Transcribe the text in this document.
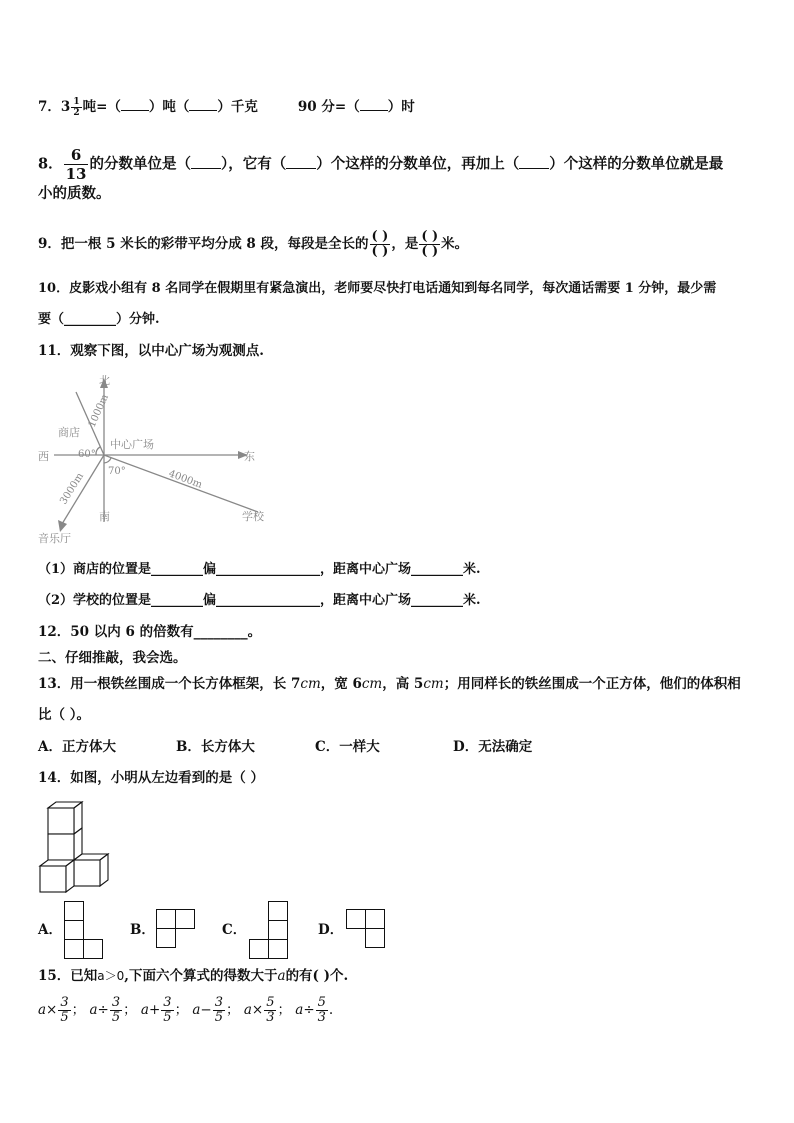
7．$3 \frac{1}{2}$ 吨=（ ）吨（ ）千克	90 分=（ ）时
8． $\frac{6}{13}$ 的分数单位是（ ），它有（ ）个这样的分数单位，再加上（ ）个这样的分数单位就是最
小的质数。
9．把一根 5 米长的彩带平均分成 8 段，每段是全长的 $\frac{( )}{( )}$ ，是 $\frac{( )}{( )}$ 米。
10．皮影戏小组有 8 名同学在假期里有紧急演出，老师要尽快打电话通知到每名同学，每次通话需要 1 分钟，最少需
要（________）分钟.
11．观察下图，以中心广场为观测点.
北
西	东
南
中心广场
商店
学校
音乐厅
60°
70°
1000m
4000m
3000m
（1）商店的位置是________偏________________，距离中心广场________米.
（2）学校的位置是________偏________________，距离中心广场________米.
12．50 以内 6 的倍数有________。
二、仔细推敲，我会选。
13．用一根铁丝围成一个长方体框架，长 7cm，宽 6cm，高 5cm；用同样长的铁丝围成一个正方体，他们的体积相
比（ ）。
A．正方体大	B．长方体大	C．一样大	D．无法确定
14．如图，小明从左边看到的是（ ）
A．	B．	C．	D．
15．已知a＞0,下面六个算式的得数大于a的有( )个.
$a\times \frac{3}{5}$ ； $a\div \frac{3}{5}$ ； $a+ \frac{3}{5}$ ； $a- \frac{3}{5}$ ； $a\times \frac{5}{3}$ ； $a\div \frac{5}{3}$ .
